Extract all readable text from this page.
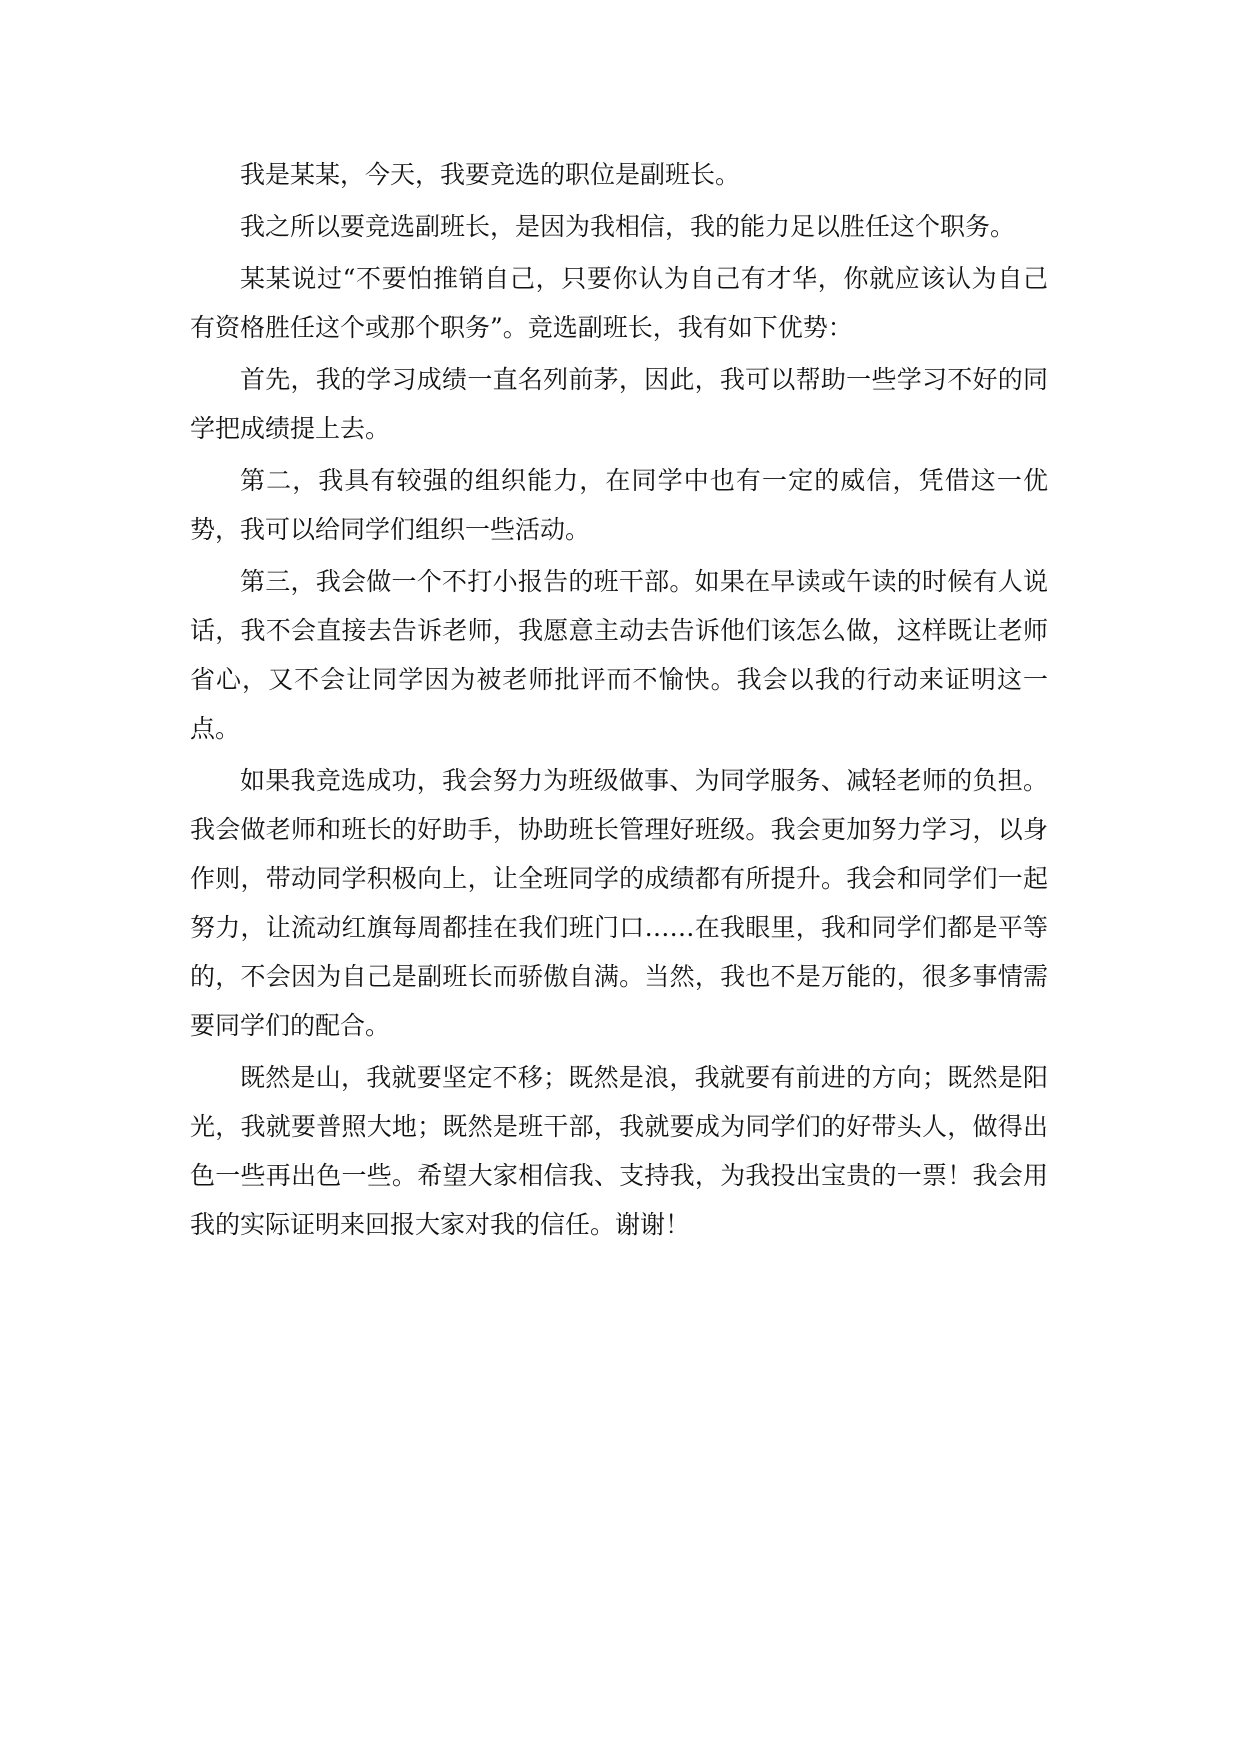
我是某某，今天，我要竞选的职位是副班长。

我之所以要竞选副班长，是因为我相信，我的能力足以胜任这个职务。

某某说过“不要怕推销自己，只要你认为自己有才华，你就应该认为自己有资格胜任这个或那个职务”。竞选副班长，我有如下优势：

首先，我的学习成绩一直名列前茅，因此，我可以帮助一些学习不好的同学把成绩提上去。

第二，我具有较强的组织能力，在同学中也有一定的威信，凭借这一优势，我可以给同学们组织一些活动。

第三，我会做一个不打小报告的班干部。如果在早读或午读的时候有人说话，我不会直接去告诉老师，我愿意主动去告诉他们该怎么做，这样既让老师省心，又不会让同学因为被老师批评而不愉快。我会以我的行动来证明这一点。

如果我竞选成功，我会努力为班级做事、为同学服务、减轻老师的负担。我会做老师和班长的好助手，协助班长管理好班级。我会更加努力学习，以身作则，带动同学积极向上，让全班同学的成绩都有所提升。我会和同学们一起努力，让流动红旗每周都挂在我们班门口……在我眼里，我和同学们都是平等的，不会因为自己是副班长而骄傲自满。当然，我也不是万能的，很多事情需要同学们的配合。

既然是山，我就要坚定不移；既然是浪，我就要有前进的方向；既然是阳光，我就要普照大地；既然是班干部，我就要成为同学们的好带头人，做得出色一些再出色一些。希望大家相信我、支持我，为我投出宝贵的一票！我会用我的实际证明来回报大家对我的信任。谢谢！
